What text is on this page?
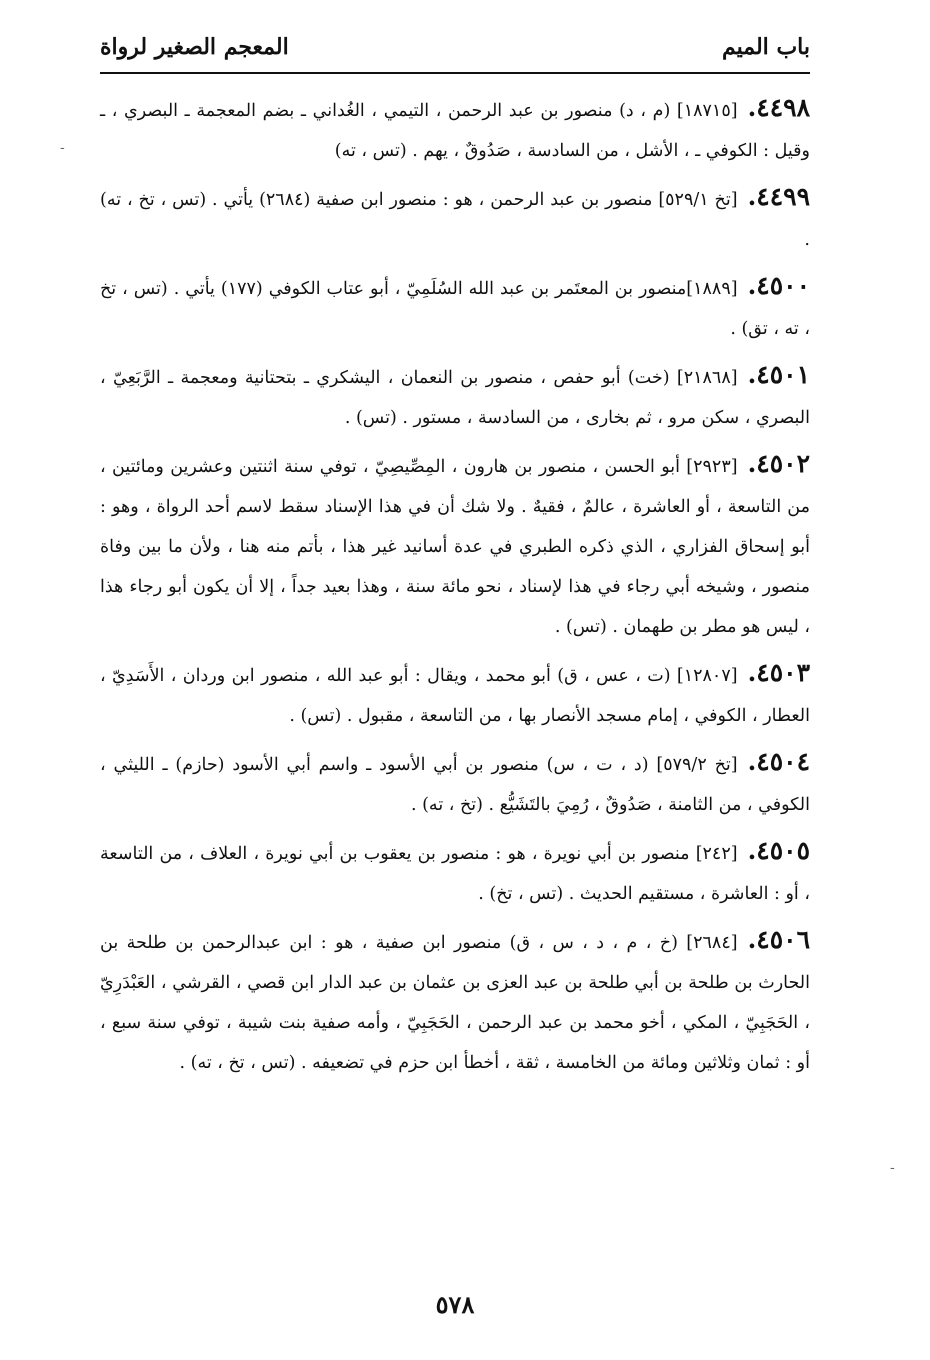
باب الميم
المعجم الصغير لرواة

٤٤٩٨.[١٨٧١٥] (م ، د) منصور بن عبد الرحمن ، التيمي ، الغُداني ـ بضم المعجمة ـ البصري ، ـ وقيل : الكوفي ـ ، الأشل ، من السادسة ، صَدُوقٌ ، يهم . (تس ، ته)

٤٤٩٩.[تخ ٥٢٩/١] منصور بن عبد الرحمن ، هو : منصور ابن صفية (٢٦٨٤) يأتي . (تس ، تخ ، ته) .

٤٥٠٠.[١٨٨٩]منصور بن المعتَمر بن عبد الله السُلَمِيّ ، أبو عتاب الكوفي (١٧٧) يأتي . (تس ، تخ ، ته ، تق) .

٤٥٠١.[٢١٨٦٨] (خت) أبو حفص ، منصور بن النعمان ، اليشكري ـ بتحتانية ومعجمة ـ الرَّبَعِيّ ، البصري ، سكن مرو ، ثم بخارى ، من السادسة ، مستور . (تس) .

٤٥٠٢.[٢٩٢٣] أبو الحسن ، منصور بن هارون ، المِصِّيصِيّ ، توفي سنة اثنتين وعشرين ومائتين ، من التاسعة ، أو العاشرة ، عالمٌ ، فقيهٌ . ولا شك أن في هذا الإسناد سقط لاسم أحد الرواة ، وهو : أبو إسحاق الفزاري ، الذي ذكره الطبري في عدة أسانيد غير هذا ، بأتم منه هنا ، ولأن ما بين وفاة منصور ، وشيخه أبي رجاء في هذا لإسناد ، نحو مائة سنة ، وهذا بعيد جداً ، إلا أن يكون أبو رجاء هذا ، ليس هو مطر بن طهمان . (تس) .

٤٥٠٣.[١٢٨٠٧] (ت ، عس ، ق) أبو محمد ، ويقال : أبو عبد الله ، منصور ابن وردان ، الأَسَدِيّ ، العطار ، الكوفي ، إمام مسجد الأنصار بها ، من التاسعة ، مقبول . (تس) .

٤٥٠٤.[تخ ٥٧٩/٢] (د ، ت ، س) منصور بن أبي الأسود ـ واسم أبي الأسود (حازم) ـ الليثي ، الكوفي ، من الثامنة ، صَدُوقٌ ، رُمِيَ بالتَشَيُّع . (تخ ، ته) .

٤٥٠٥.[٢٤٢] منصور بن أبي نويرة ، هو : منصور بن يعقوب بن أبي نويرة ، العلاف ، من التاسعة ، أو : العاشرة ، مستقيم الحديث . (تس ، تخ) .

٤٥٠٦.[٢٦٨٤] (خ ، م ، د ، س ، ق) منصور ابن صفية ، هو : ابن عبدالرحمن بن طلحة بن الحارث بن طلحة بن أبي طلحة بن عبد العزى بن عثمان بن عبد الدار ابن قصي ، القرشي ، العَبْدَرِيّ ، الحَجَبِيّ ، المكي ، أخو محمد بن عبد الرحمن ، الحَجَبِيّ ، وأمه صفية بنت شيبة ، توفي سنة سبع ، أو : ثمان وثلاثين ومائة من الخامسة ، ثقة ، أخطأ ابن حزم في تضعيفه . (تس ، تخ ، ته) .

٥٧٨
-
-
